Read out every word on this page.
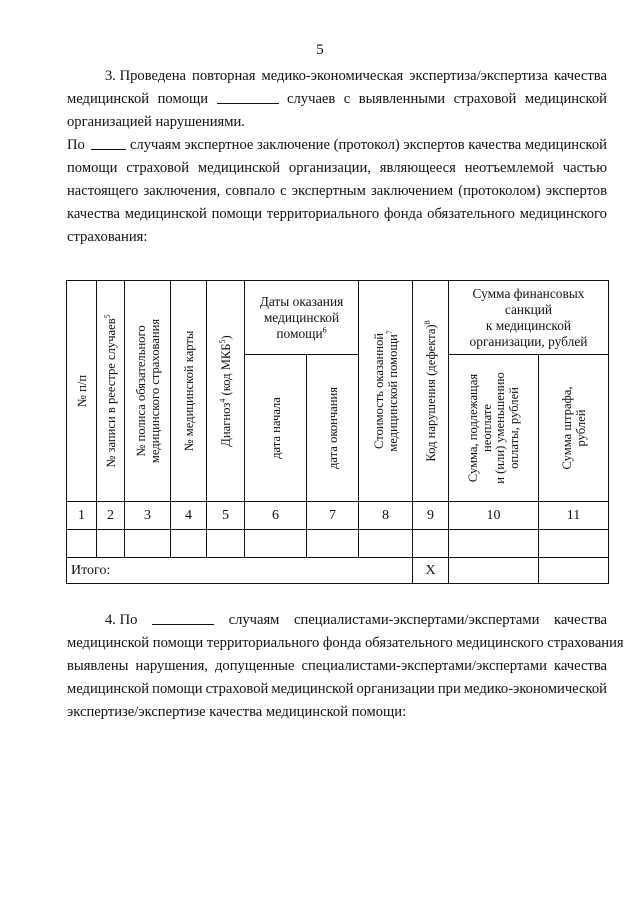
5
3. Проведена повторная медико-экономическая экспертиза/экспертиза качества
медицинской помощи	случаев с выявленными страховой медицинской
организацией нарушениями.
По	случаям экспертное заключение (протокол) экспертов качества медицинской
помощи страховой медицинской организации, являющееся неотъемлемой частью
настоящего заключения, совпало с экспертным заключением (протоколом) экспертов
качества медицинской помощи территориального фонда обязательного медицинского
страхования:
№ п/п	№ записи в реестре случаев$^5$	№ полиса обязательного
медицинского страхования	№ медицинской карты	Диагноз$^4$ (код МКБ$^5$)	Даты оказания
медицинской
помощи$^6$		Стоимость оказанной
медицинской помощи$^7$	Код нарушения (дефекта)$^8$	Сумма финансовых
санкций
к медицинской
организации, рублей	

					дата начала	дата окончания			Сумма, подлежащая
неоплате
и (или) уменьшению
оплаты, рублей	Сумма штрафа,
рублей

1	2	3	4	5	6	7	8	9	10	11

Итого:								X		
4. По	случаям специалистами-экспертами/экспертами качества
медицинской помощи территориального фонда обязательного медицинского страхования
выявлены нарушения, допущенные специалистами-экспертами/экспертами качества
медицинской помощи страховой медицинской организации при медико-экономической
экспертизе/экспертизе качества медицинской помощи:
